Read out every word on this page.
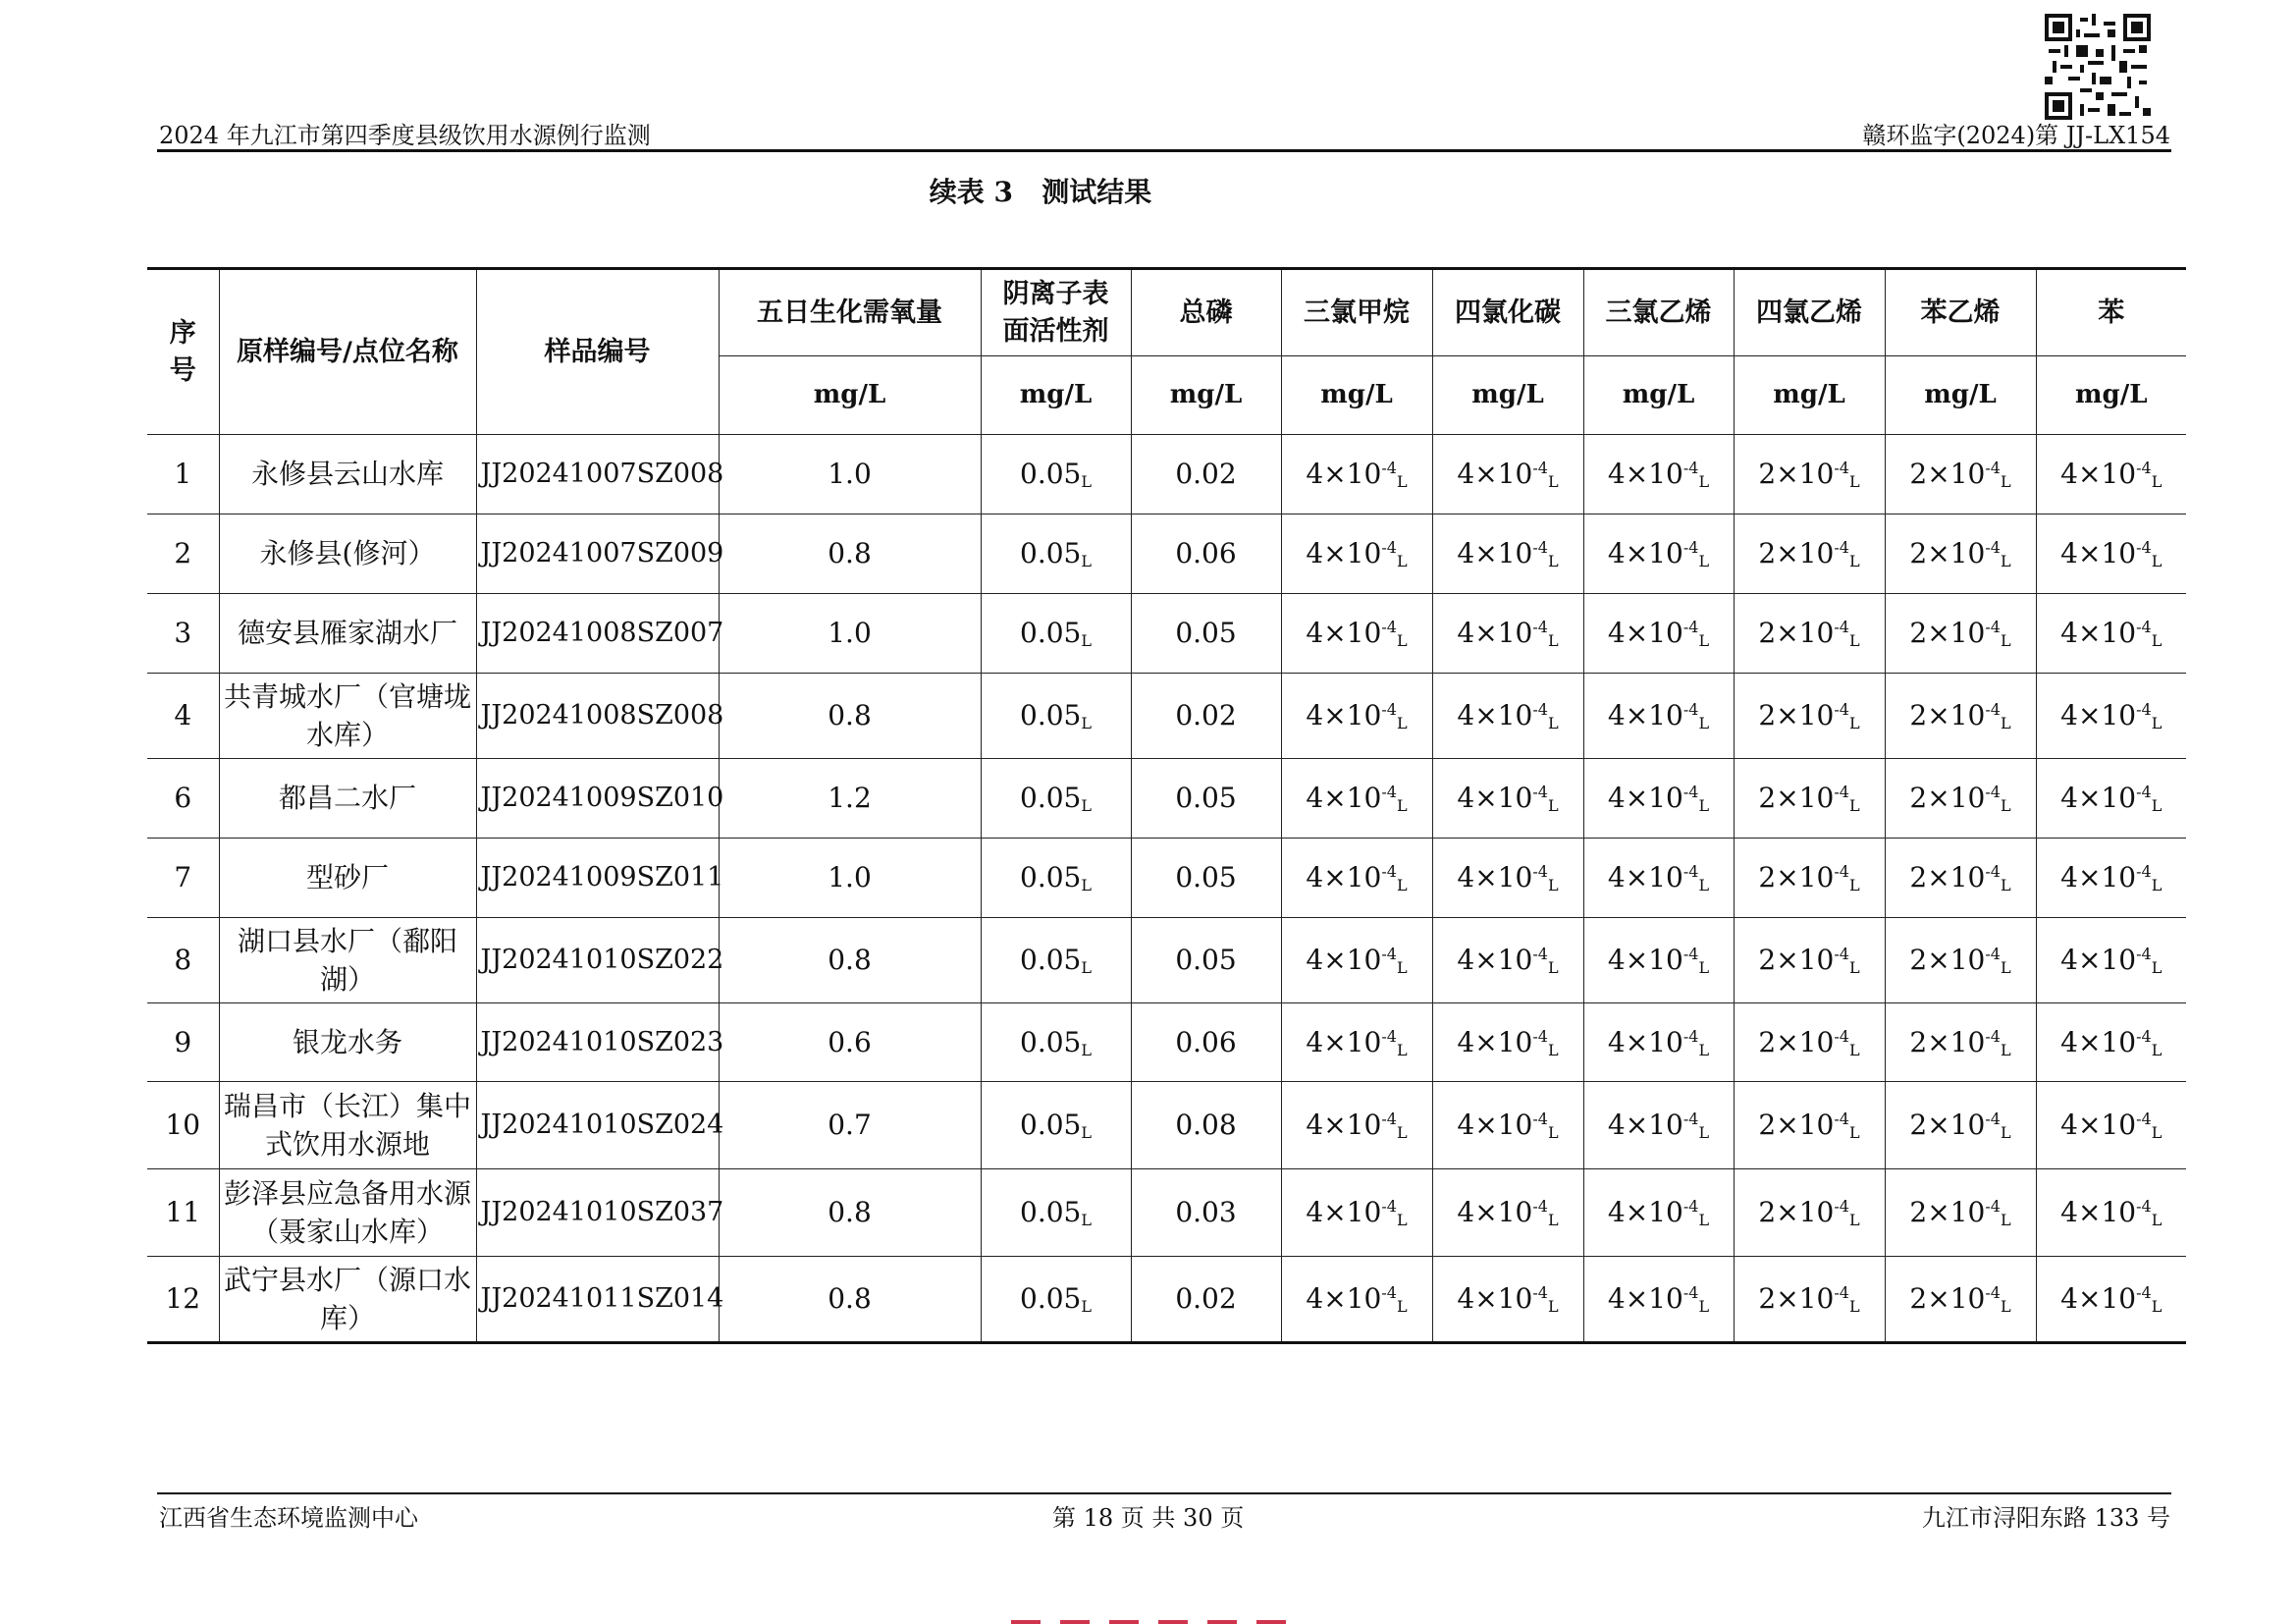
2024 年九江市第四季度县级饮用水源例行监测	赣环监字(2024)第 JJ-LX154
续表 3 测试结果
序号	原样编号/点位名称	样品编号	五日生化需氧量	阴离子表面活性剂	总磷	三氯甲烷	四氯化碳	三氯乙烯	四氯乙烯	苯乙烯	苯
			mg/L	mg/L	mg/L	mg/L	mg/L	mg/L	mg/L	mg/L	mg/L
1	永修县云山水库	JJ20241007SZ008	1.0	$0.05_L$	0.02	$4\times 10^{-4}_L$	$4\times 10^{-4}_L$	$4\times 10^{-4}_L$	$2\times 10^{-4}_L$	$2\times 10^{-4}_L$	$4\times 10^{-4}_L$
2	永修县(修河）	JJ20241007SZ009	0.8	$0.05_L$	0.06	$4\times 10^{-4}_L$	$4\times 10^{-4}_L$	$4\times 10^{-4}_L$	$2\times 10^{-4}_L$	$2\times 10^{-4}_L$	$4\times 10^{-4}_L$
3	德安县雁家湖水厂	JJ20241008SZ007	1.0	$0.05_L$	0.05	$4\times 10^{-4}_L$	$4\times 10^{-4}_L$	$4\times 10^{-4}_L$	$2\times 10^{-4}_L$	$2\times 10^{-4}_L$	$4\times 10^{-4}_L$
4	共青城水厂（官塘垅水库）	JJ20241008SZ008	0.8	$0.05_L$	0.02	$4\times 10^{-4}_L$	$4\times 10^{-4}_L$	$4\times 10^{-4}_L$	$2\times 10^{-4}_L$	$2\times 10^{-4}_L$	$4\times 10^{-4}_L$
6	都昌二水厂	JJ20241009SZ010	1.2	$0.05_L$	0.05	$4\times 10^{-4}_L$	$4\times 10^{-4}_L$	$4\times 10^{-4}_L$	$2\times 10^{-4}_L$	$2\times 10^{-4}_L$	$4\times 10^{-4}_L$
7	型砂厂	JJ20241009SZ011	1.0	$0.05_L$	0.05	$4\times 10^{-4}_L$	$4\times 10^{-4}_L$	$4\times 10^{-4}_L$	$2\times 10^{-4}_L$	$2\times 10^{-4}_L$	$4\times 10^{-4}_L$
8	湖口县水厂（鄱阳湖）	JJ20241010SZ022	0.8	$0.05_L$	0.05	$4\times 10^{-4}_L$	$4\times 10^{-4}_L$	$4\times 10^{-4}_L$	$2\times 10^{-4}_L$	$2\times 10^{-4}_L$	$4\times 10^{-4}_L$
9	银龙水务	JJ20241010SZ023	0.6	$0.05_L$	0.06	$4\times 10^{-4}_L$	$4\times 10^{-4}_L$	$4\times 10^{-4}_L$	$2\times 10^{-4}_L$	$2\times 10^{-4}_L$	$4\times 10^{-4}_L$
10	瑞昌市（长江）集中式饮用水源地	JJ20241010SZ024	0.7	$0.05_L$	0.08	$4\times 10^{-4}_L$	$4\times 10^{-4}_L$	$4\times 10^{-4}_L$	$2\times 10^{-4}_L$	$2\times 10^{-4}_L$	$4\times 10^{-4}_L$
11	彭泽县应急备用水源（聂家山水库）	JJ20241010SZ037	0.8	$0.05_L$	0.03	$4\times 10^{-4}_L$	$4\times 10^{-4}_L$	$4\times 10^{-4}_L$	$2\times 10^{-4}_L$	$2\times 10^{-4}_L$	$4\times 10^{-4}_L$
12	武宁县水厂（源口水库）	JJ20241011SZ014	0.8	$0.05_L$	0.02	$4\times 10^{-4}_L$	$4\times 10^{-4}_L$	$4\times 10^{-4}_L$	$2\times 10^{-4}_L$	$2\times 10^{-4}_L$	$4\times 10^{-4}_L$
江西省生态环境监测中心	第 18 页 共 30 页	九江市浔阳东路 133 号
